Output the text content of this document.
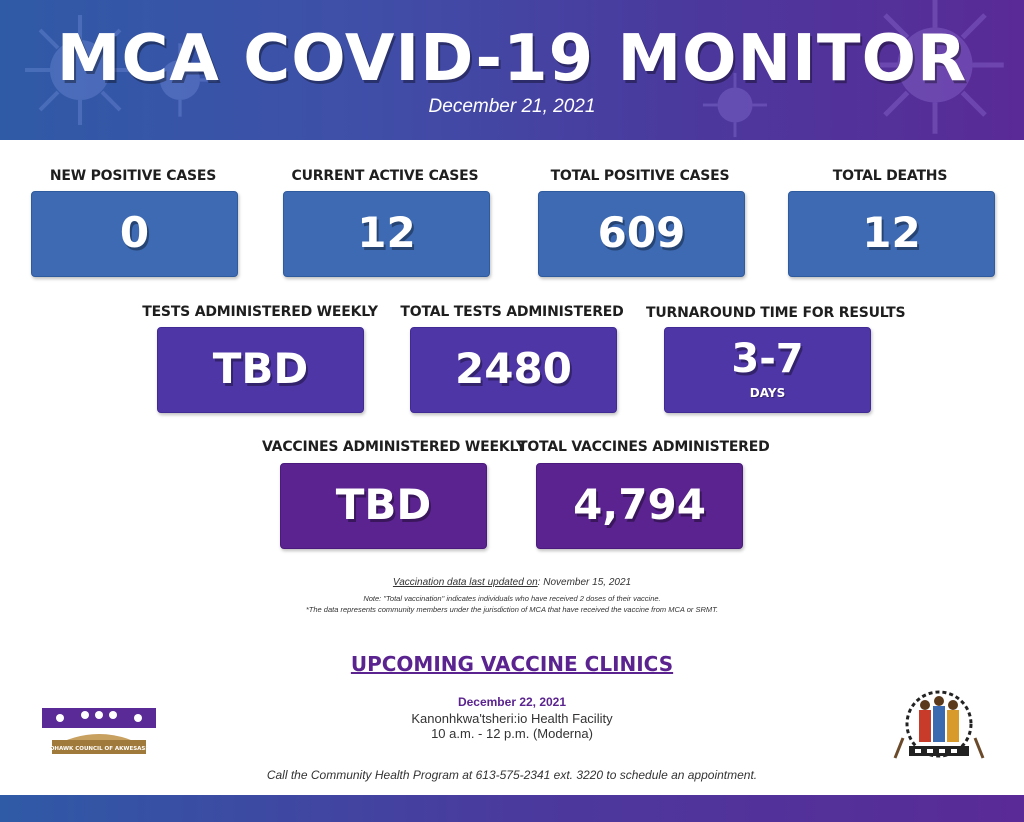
MCA COVID-19 MONITOR
December 21, 2021
NEW POSITIVE CASES
0
CURRENT ACTIVE CASES
12
TOTAL POSITIVE CASES
609
TOTAL DEATHS
12
TESTS ADMINISTERED WEEKLY
TBD
TOTAL TESTS ADMINISTERED
2480
TURNAROUND TIME FOR RESULTS
3-7
DAYS
VACCINES ADMINISTERED WEEKLY
TBD
TOTAL VACCINES ADMINISTERED
4,794
Vaccination data last updated on: November 15, 2021
Note: "Total vaccination" indicates individuals who have received 2 doses of their vaccine.
*The data represents community members under the jurisdiction of MCA that have received the vaccine from MCA or SRMT.
UPCOMING VACCINE CLINICS
December 22, 2021
Kanonhkwa'tsheri:io Health Facility
10 a.m. - 12 p.m. (Moderna)
MOHAWK COUNCIL OF AKWESASNE
Call the Community Health Program at 613-575-2341 ext. 3220 to schedule an appointment.
